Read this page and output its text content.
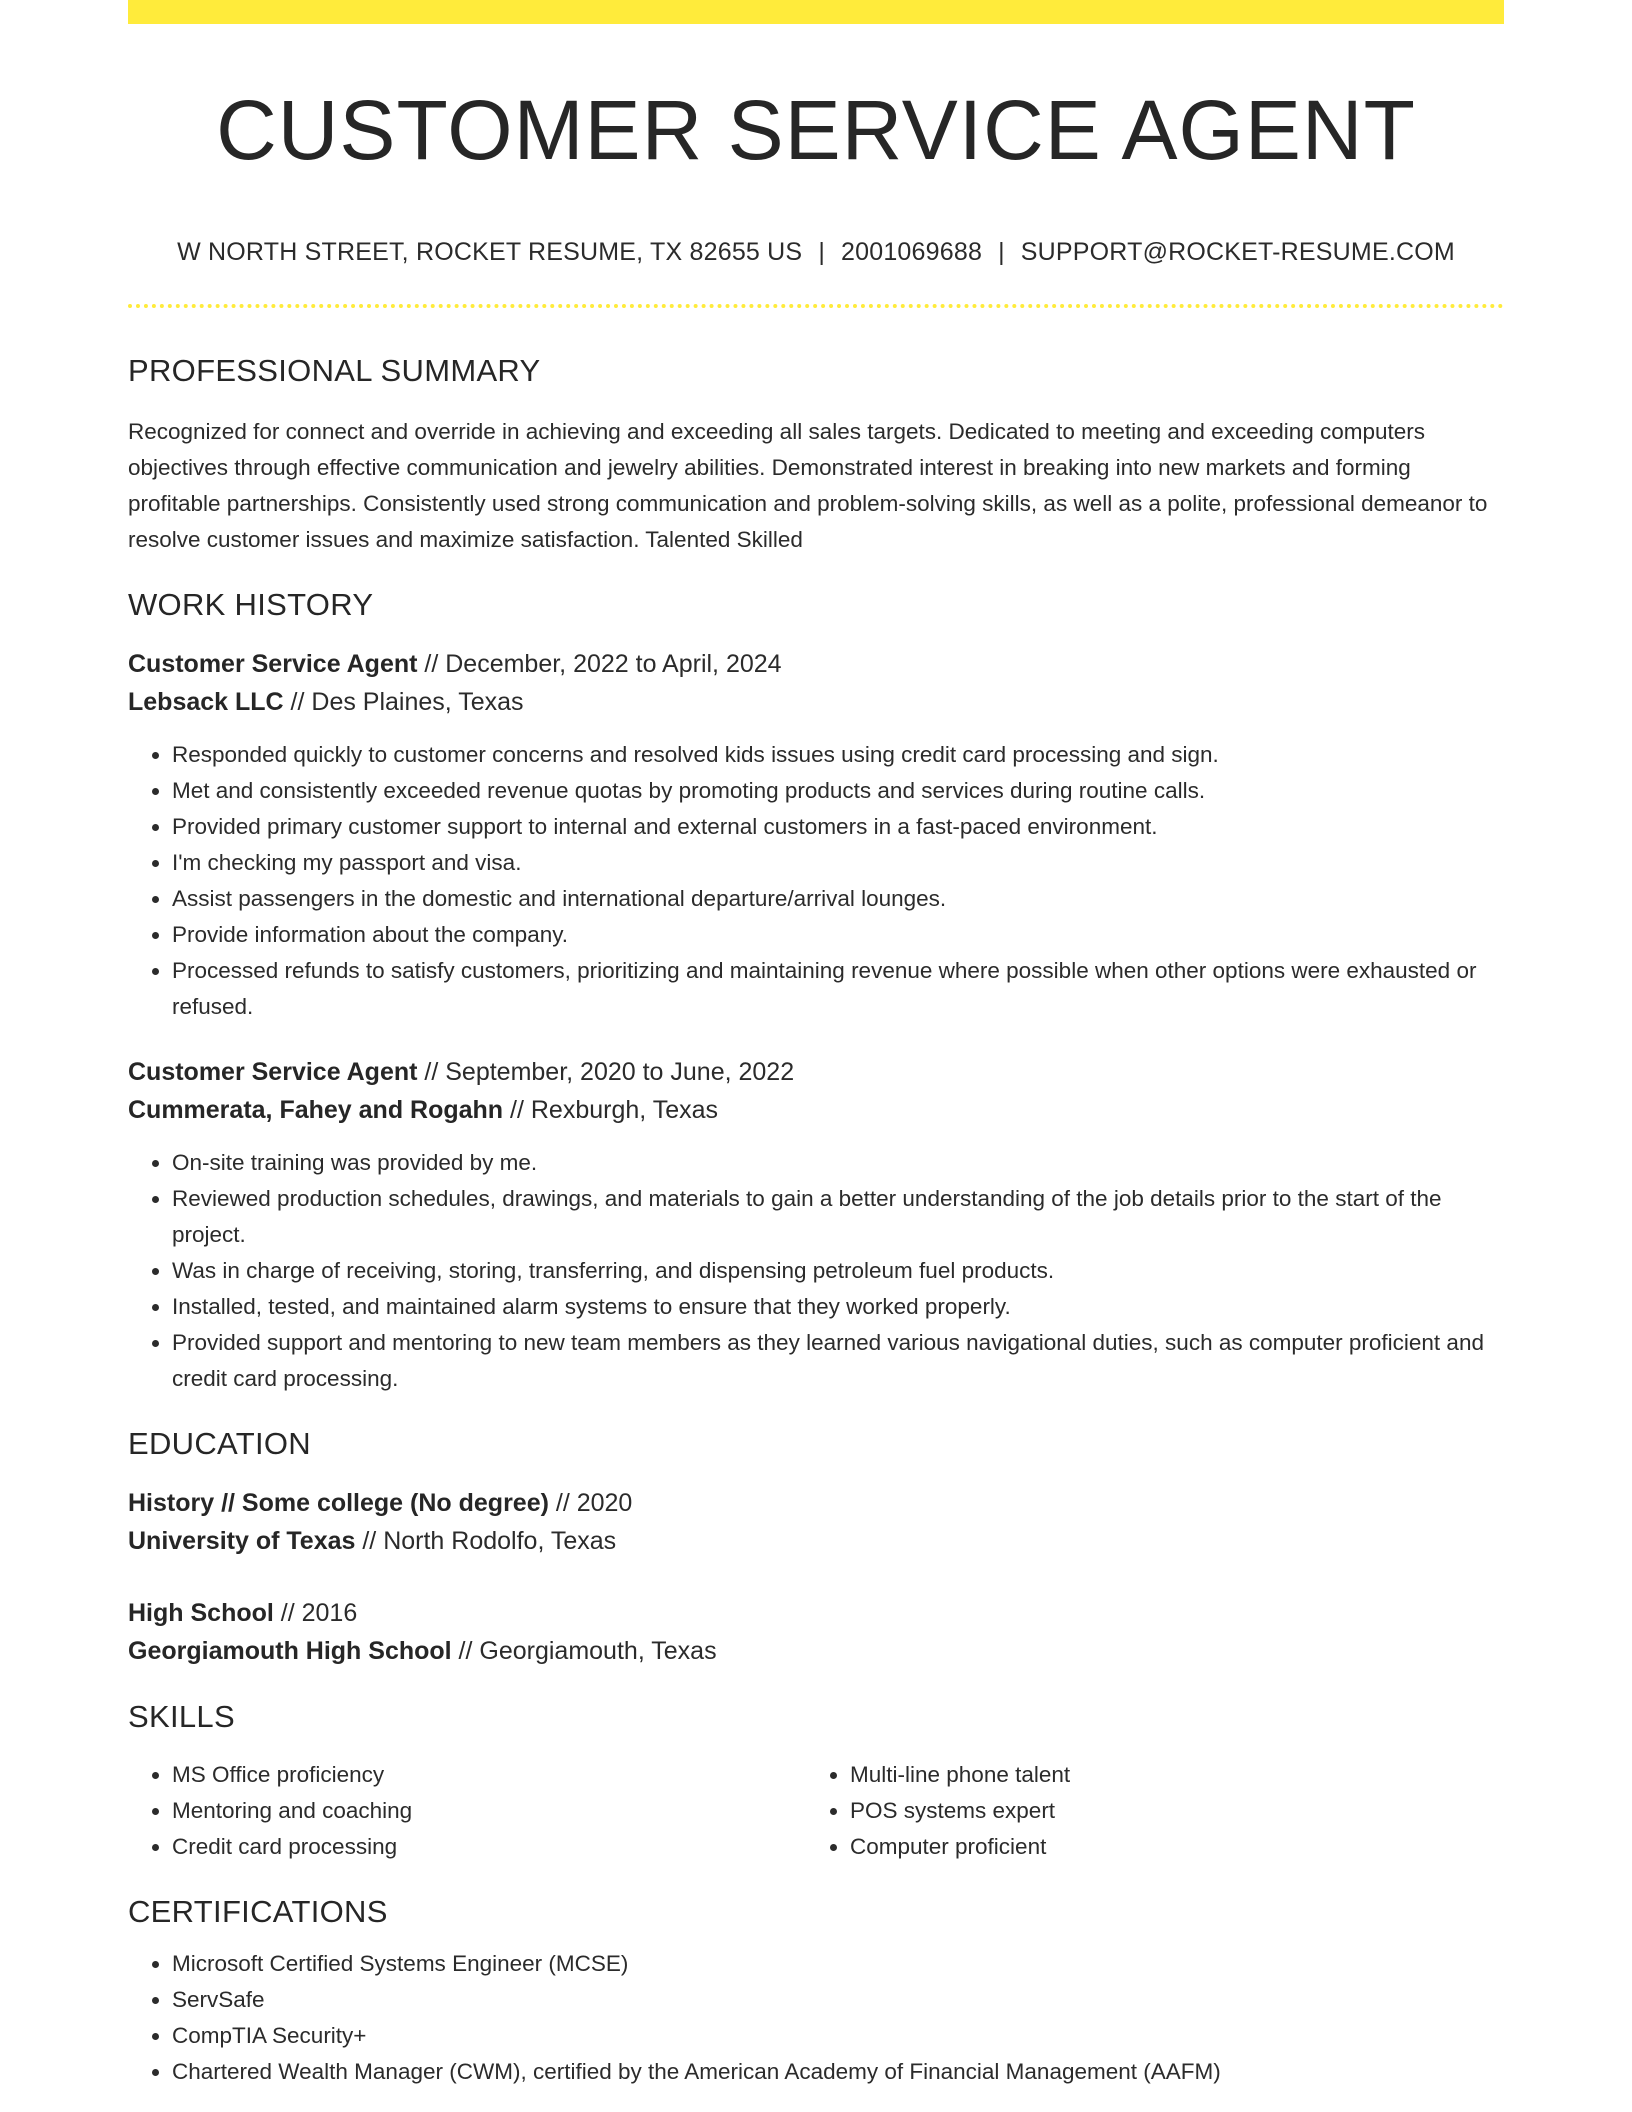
CUSTOMER SERVICE AGENT
W NORTH STREET, ROCKET RESUME, TX 82655 US | 2001069688 | SUPPORT@ROCKET-RESUME.COM
PROFESSIONAL SUMMARY
Recognized for connect and override in achieving and exceeding all sales targets. Dedicated to meeting and exceeding computers objectives through effective communication and jewelry abilities. Demonstrated interest in breaking into new markets and forming profitable partnerships. Consistently used strong communication and problem-solving skills, as well as a polite, professional demeanor to resolve customer issues and maximize satisfaction. Talented Skilled
WORK HISTORY
Customer Service Agent // December, 2022 to April, 2024
Lebsack LLC // Des Plaines, Texas
• Responded quickly to customer concerns and resolved kids issues using credit card processing and sign.
• Met and consistently exceeded revenue quotas by promoting products and services during routine calls.
• Provided primary customer support to internal and external customers in a fast-paced environment.
• I'm checking my passport and visa.
• Assist passengers in the domestic and international departure/arrival lounges.
• Provide information about the company.
• Processed refunds to satisfy customers, prioritizing and maintaining revenue where possible when other options were exhausted or refused.
Customer Service Agent // September, 2020 to June, 2022
Cummerata, Fahey and Rogahn // Rexburgh, Texas
• On-site training was provided by me.
• Reviewed production schedules, drawings, and materials to gain a better understanding of the job details prior to the start of the project.
• Was in charge of receiving, storing, transferring, and dispensing petroleum fuel products.
• Installed, tested, and maintained alarm systems to ensure that they worked properly.
• Provided support and mentoring to new team members as they learned various navigational duties, such as computer proficient and credit card processing.
EDUCATION
History // Some college (No degree) // 2020
University of Texas // North Rodolfo, Texas
High School // 2016
Georgiamouth High School // Georgiamouth, Texas
SKILLS
• MS Office proficiency
• Mentoring and coaching
• Credit card processing
• Multi-line phone talent
• POS systems expert
• Computer proficient
CERTIFICATIONS
• Microsoft Certified Systems Engineer (MCSE)
• ServSafe
• CompTIA Security+
• Chartered Wealth Manager (CWM), certified by the American Academy of Financial Management (AAFM)
